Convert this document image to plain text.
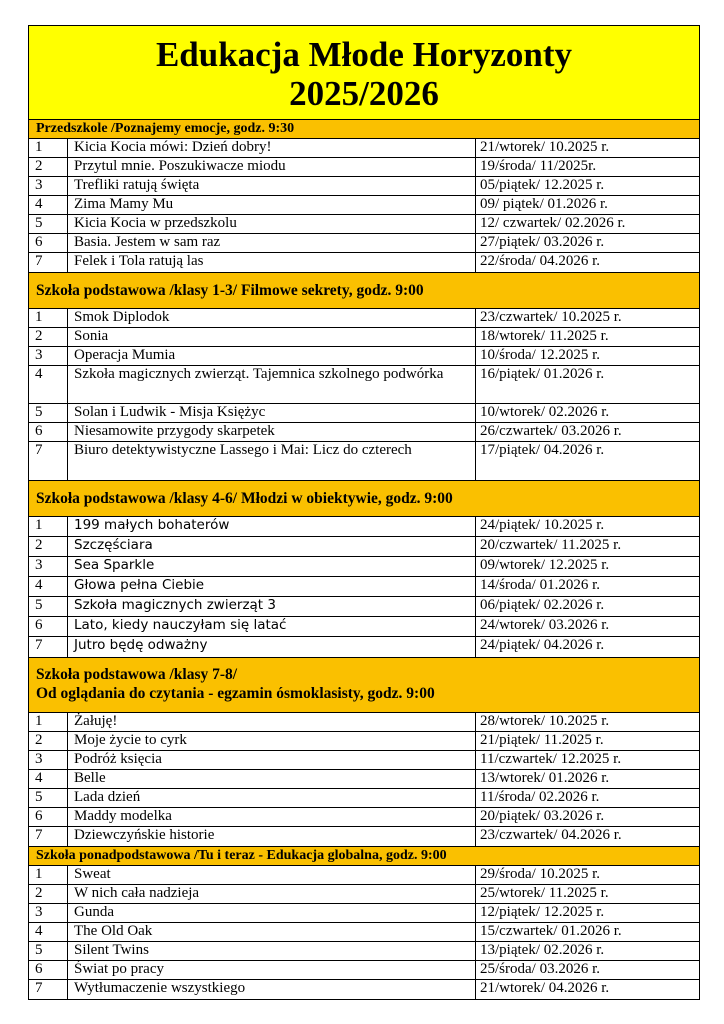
Edukacja Młode Horyzonty
2025/2026
Przedszkole /Poznajemy emocje, godz. 9:30
1	Kicia Kocia mówi: Dzień dobry!	21/wtorek/ 10.2025 r.
2	Przytul mnie. Poszukiwacze miodu	19/środa/ 11/2025r.
3	Trefliki ratują święta	05/piątek/ 12.2025 r.
4	Zima Mamy Mu	09/ piątek/ 01.2026 r.
5	Kicia Kocia w przedszkolu	12/ czwartek/ 02.2026 r.
6	Basia. Jestem w sam raz	27/piątek/ 03.2026 r.
7	Felek i Tola ratują las	22/środa/ 04.2026 r.
Szkoła podstawowa /klasy 1-3/ Filmowe sekrety, godz. 9:00
1	Smok Diplodok	23/czwartek/ 10.2025 r.
2	Sonia	18/wtorek/ 11.2025 r.
3	Operacja Mumia	10/środa/ 12.2025 r.
4	Szkoła magicznych zwierząt. Tajemnica szkolnego podwórka	16/piątek/ 01.2026 r.
5	Solan i Ludwik - Misja Księżyc	10/wtorek/ 02.2026 r.
6	Niesamowite przygody skarpetek	26/czwartek/ 03.2026 r.
7	Biuro detektywistyczne Lassego i Mai: Licz do czterech	17/piątek/ 04.2026 r.
Szkoła podstawowa /klasy 4-6/ Młodzi w obiektywie, godz. 9:00
1	199 małych bohaterów	24/piątek/ 10.2025 r.
2	Szczęściara	20/czwartek/ 11.2025 r.
3	Sea Sparkle	09/wtorek/ 12.2025 r.
4	Głowa pełna Ciebie	14/środa/ 01.2026 r.
5	Szkoła magicznych zwierząt 3	06/piątek/ 02.2026 r.
6	Lato, kiedy nauczyłam się latać	24/wtorek/ 03.2026 r.
7	Jutro będę odważny	24/piątek/ 04.2026 r.
Szkoła podstawowa /klasy 7-8/
Od oglądania do czytania - egzamin ósmoklasisty, godz. 9:00
1	Żałuję!	28/wtorek/ 10.2025 r.
2	Moje życie to cyrk	21/piątek/ 11.2025 r.
3	Podróż księcia	11/czwartek/ 12.2025 r.
4	Belle	13/wtorek/ 01.2026 r.
5	Lada dzień	11/środa/ 02.2026 r.
6	Maddy modelka	20/piątek/ 03.2026 r.
7	Dziewczyńskie historie	23/czwartek/ 04.2026 r.
Szkoła ponadpodstawowa /Tu i teraz - Edukacja globalna, godz. 9:00
1	Sweat	29/środa/ 10.2025 r.
2	W nich cała nadzieja	25/wtorek/ 11.2025 r.
3	Gunda	12/piątek/ 12.2025 r.
4	The Old Oak	15/czwartek/ 01.2026 r.
5	Silent Twins	13/piątek/ 02.2026 r.
6	Świat po pracy	25/środa/ 03.2026 r.
7	Wytłumaczenie wszystkiego	21/wtorek/ 04.2026 r.
